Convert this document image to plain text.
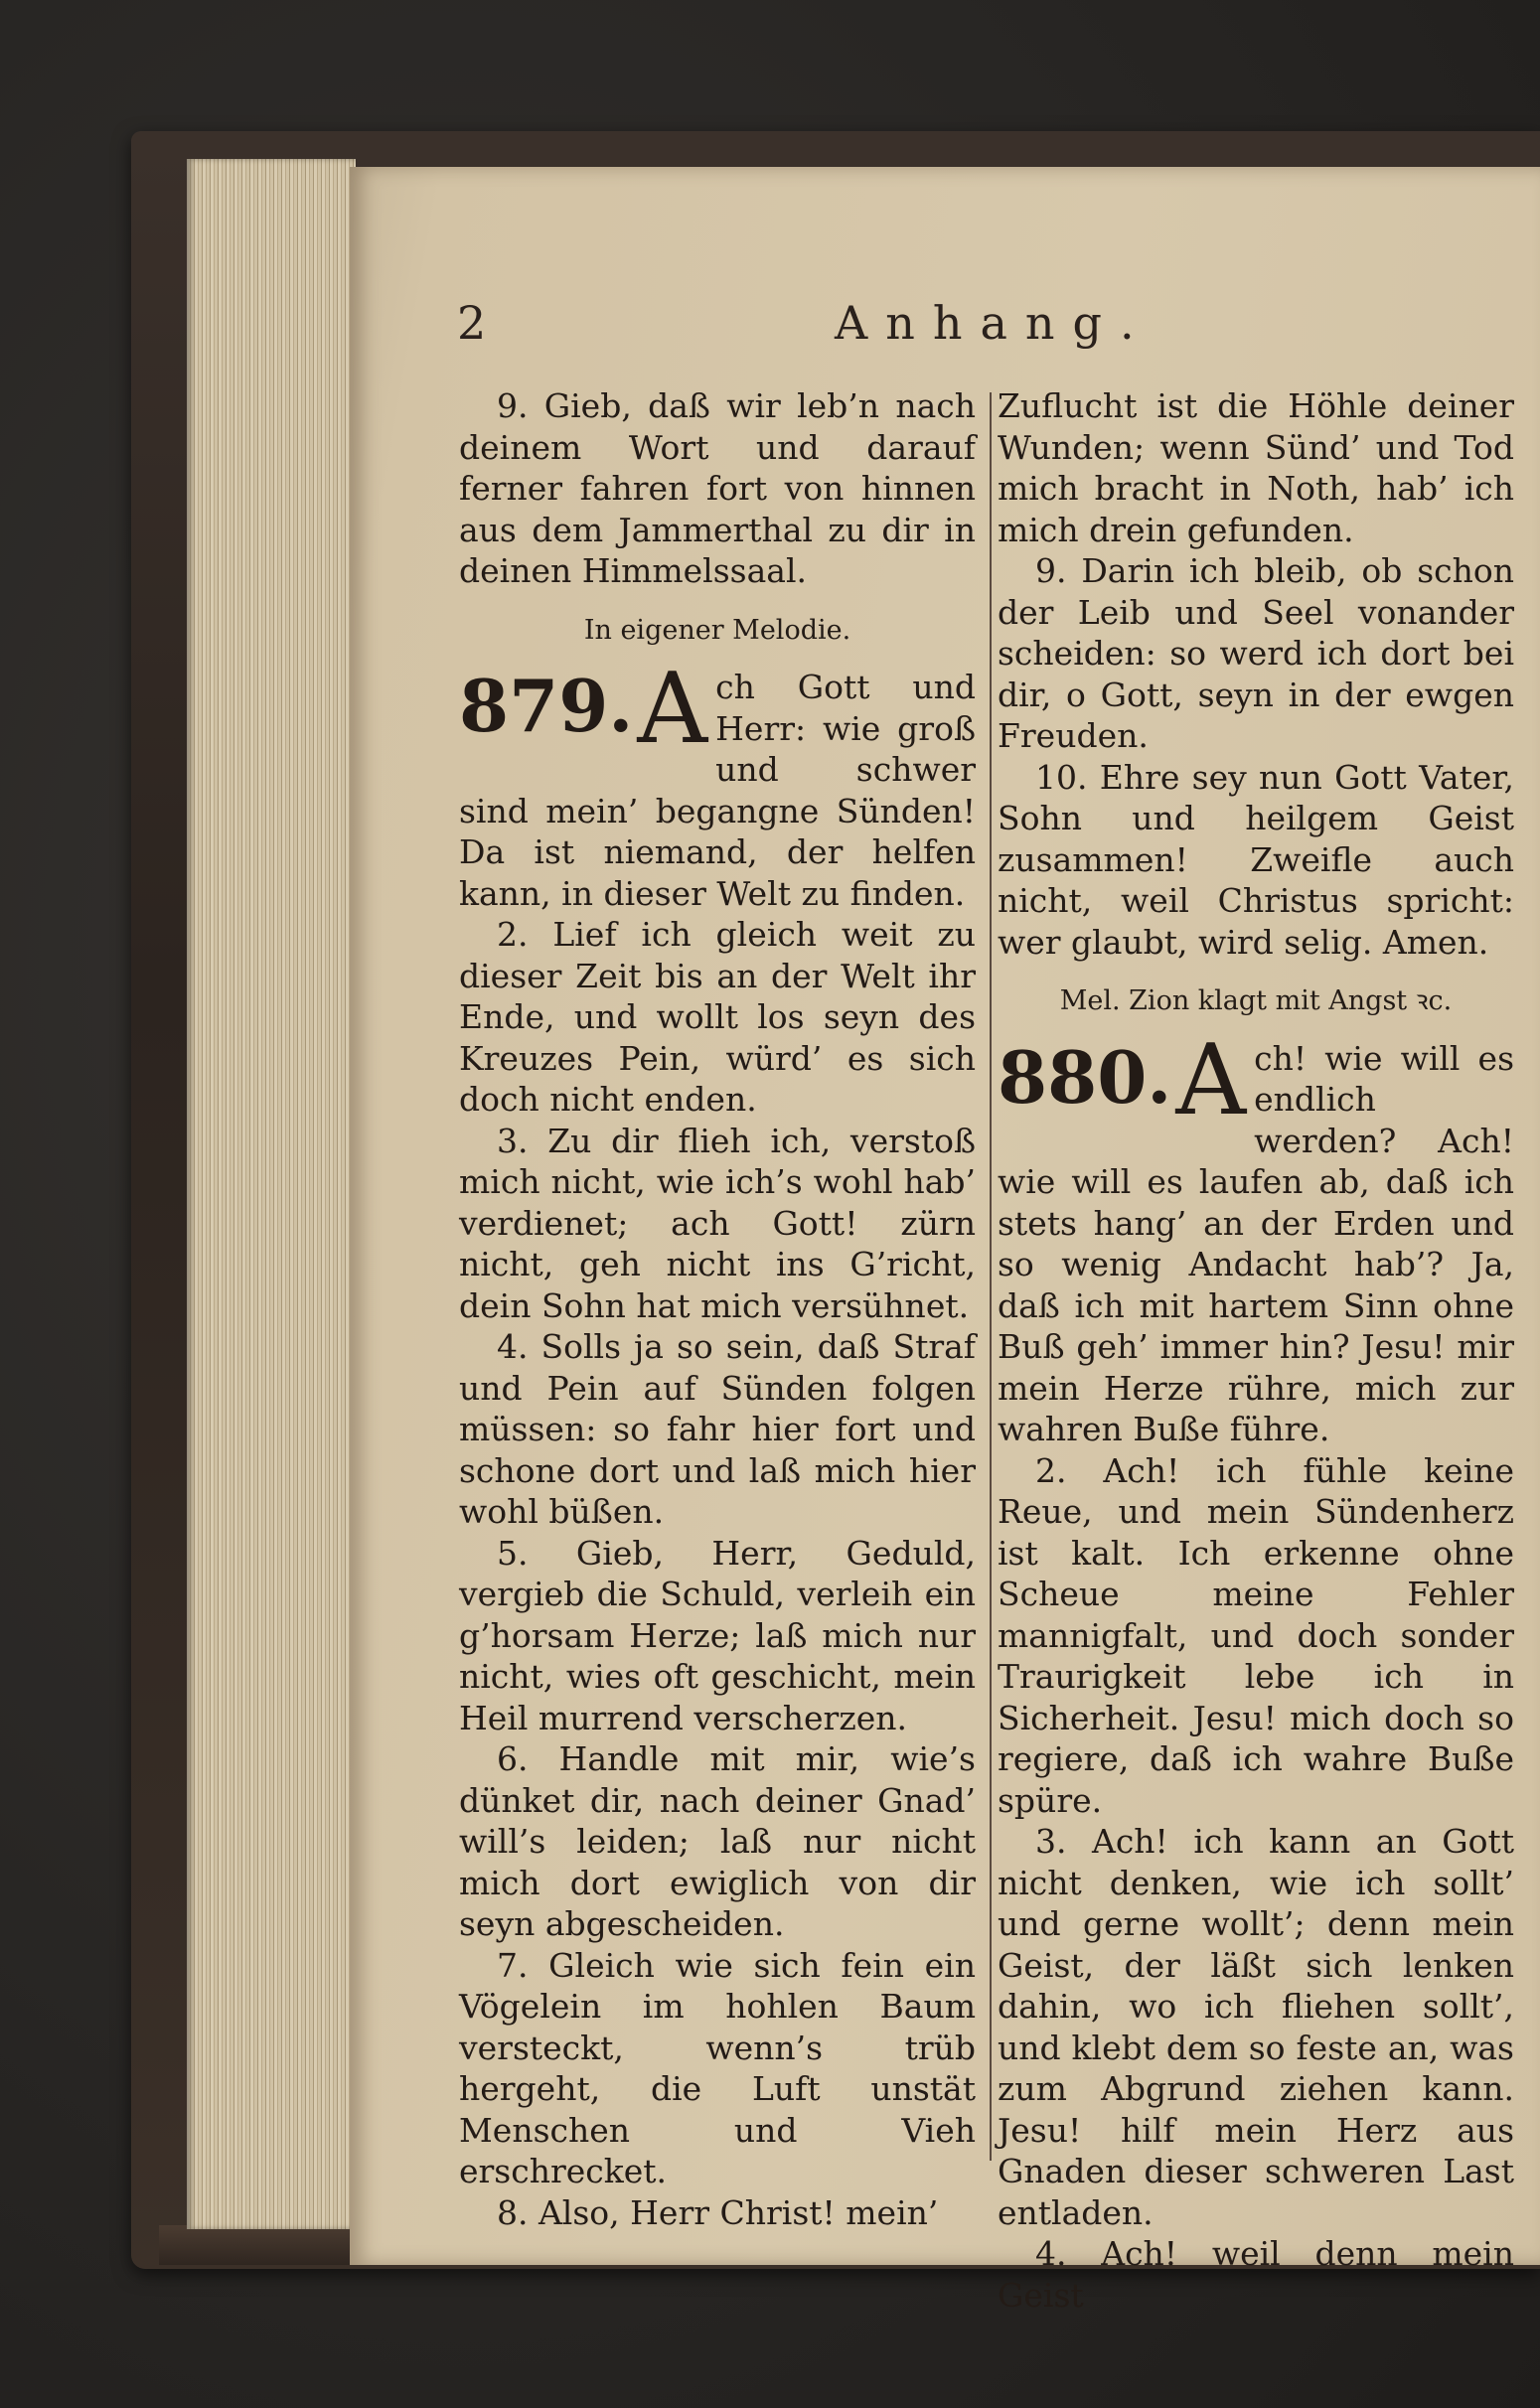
2	Anhang.

9. Gieb, daß wir leb’n nach deinem Wort und darauf ferner fahren fort von hinnen aus dem Jammerthal zu dir in deinen Himmelssaal.

In eigener Melodie.

879. A ch Gott und Herr: wie groß und schwer sind mein’ begangne Sünden! Da ist niemand, der helfen kann, in dieser Welt zu finden.

2. Lief ich gleich weit zu dieser Zeit bis an der Welt ihr Ende, und wollt los seyn des Kreuzes Pein, würd’ es sich doch nicht enden.

3. Zu dir flieh ich, verstoß mich nicht, wie ich’s wohl hab’ verdienet; ach Gott! zürn nicht, geh nicht ins G’richt, dein Sohn hat mich versühnet.

4. Solls ja so sein, daß Straf und Pein auf Sünden folgen müssen: so fahr hier fort und schone dort und laß mich hier wohl büßen.

5. Gieb, Herr, Geduld, vergieb die Schuld, verleih ein g’horsam Herze; laß mich nur nicht, wies oft geschicht, mein Heil murrend verscherzen.

6. Handle mit mir, wie’s dünket dir, nach deiner Gnad’ will’s leiden; laß nur nicht mich dort ewiglich von dir seyn abgescheiden.

7. Gleich wie sich fein ein Vögelein im hohlen Baum versteckt, wenn’s trüb hergeht, die Luft unstät Menschen und Vieh erschrecket.

8. Also, Herr Christ! mein’

Zuflucht ist die Höhle deiner Wunden; wenn Sünd’ und Tod mich bracht in Noth, hab’ ich mich drein gefunden.

9. Darin ich bleib, ob schon der Leib und Seel vonander scheiden: so werd ich dort bei dir, o Gott, seyn in der ewgen Freuden.

10. Ehre sey nun Gott Vater, Sohn und heilgem Geist zusammen! Zweifle auch nicht, weil Christus spricht: wer glaubt, wird selig. Amen.

Mel. Zion klagt mit Angst ꝛc.

880. A ch! wie will es endlich werden? Ach! wie will es laufen ab, daß ich stets hang’ an der Erden und so wenig Andacht hab’? Ja, daß ich mit hartem Sinn ohne Buß geh’ immer hin? Jesu! mir mein Herze rühre, mich zur wahren Buße führe.

2. Ach! ich fühle keine Reue, und mein Sündenherz ist kalt. Ich erkenne ohne Scheue meine Fehler mannigfalt, und doch sonder Traurigkeit lebe ich in Sicherheit. Jesu! mich doch so regiere, daß ich wahre Buße spüre.

3. Ach! ich kann an Gott nicht denken, wie ich sollt’ und gerne wollt’; denn mein Geist, der läßt sich lenken dahin, wo ich fliehen sollt’, und klebt dem so feste an, was zum Abgrund ziehen kann. Jesu! hilf mein Herz aus Gnaden dieser schweren Last entladen.

4. Ach! weil denn mein Geist
